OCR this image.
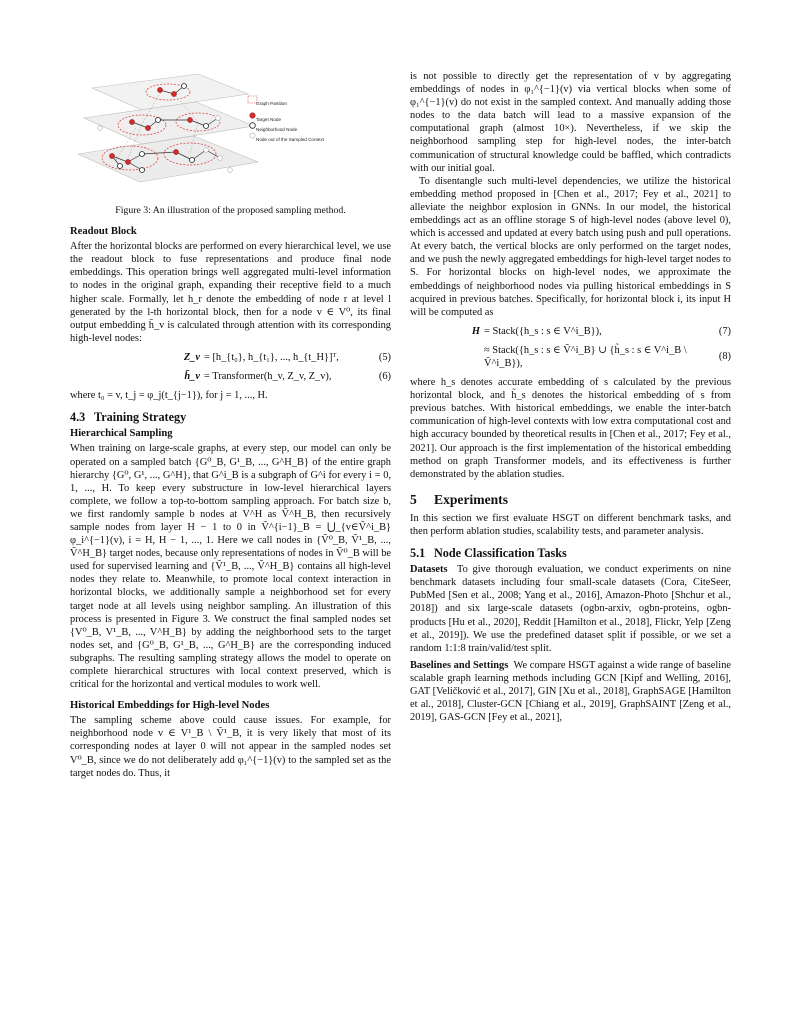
Graph Partition
Target Node
Neighborhood Node
Node out of the Sampled Context
Figure 3: An illustration of the proposed sampling method.
Readout Block

After the horizontal blocks are performed on every hierarchical level, we use the readout block to fuse representations and produce final node embeddings. This operation brings well aggregated multi-level information to nodes in the original graph, expanding their receptive field to a much higher scale. Formally, let h_r denote the embedding of node r at level l generated by the l-th horizontal block, then for a node v ∈ V⁰, its final output embedding h̄_v is calculated through attention with its corresponding high-level nodes:

Z_v = [h_{t₀}, h_{t₁}, ..., h_{t_H}]ᵀ,	(5)
h̄_v = Transformer(h_v, Z_v, Z_v),	(6)

where t₀ = v, t_j = φ_j(t_{j−1}), for j = 1, ..., H.

4.3 Training Strategy
Hierarchical Sampling

When training on large-scale graphs, at every step, our model can only be operated on a sampled batch {G⁰_B, G¹_B, ..., G^H_B} of the entire graph hierarchy {G⁰, G¹, ..., G^H}, that G^i_B is a subgraph of G^i for every i = 0, 1, ..., H. To keep every substructure in low-level hierarchical layers complete, we follow a top-to-bottom sampling approach. For batch size b, we first randomly sample b nodes at V^H as Ṽ^H_B, then recursively sample nodes from layer H − 1 to 0 in Ṽ^{i−1}_B = ⋃_{v∈Ṽ^i_B} φ_i^{−1}(v), i = H, H − 1, ..., 1. Here we call nodes in {Ṽ⁰_B, Ṽ¹_B, ..., Ṽ^H_B} target nodes, because only representations of nodes in Ṽ⁰_B will be used for supervised learning and {Ṽ¹_B, ..., Ṽ^H_B} contains all high-level nodes they relate to. Meanwhile, to promote local context interaction in horizontal blocks, we additionally sample a neighborhood set for every target node at all levels using neighbor sampling. An illustration of this process is presented in Figure 3. We construct the final sampled nodes set {V⁰_B, V¹_B, ..., V^H_B} by adding the neighborhood sets to the target nodes set, and {G⁰_B, G¹_B, ..., G^H_B} are the corresponding induced subgraphs. The resulting sampling strategy allows the model to operate on complete hierarchical structures with local context preserved, which is critical for the horizontal and vertical modules to work well.

Historical Embeddings for High-level Nodes

The sampling scheme above could cause issues. For example, for neighborhood node v ∈ V¹_B \ Ṽ¹_B, it is very likely that most of its corresponding nodes at layer 0 will not appear in the sampled nodes set V⁰_B, since we do not deliberately add φ₁^{−1}(v) to the sampled set as the target nodes do. Thus, it

is not possible to directly get the representation of v by aggregating embeddings of nodes in φ₁^{−1}(v) via vertical blocks when some of φ₁^{−1}(v) do not exist in the sampled context. And manually adding those nodes to the data batch will lead to a massive expansion of the computational graph (almost 10×). Nevertheless, if we skip the neighborhood sampling step for high-level nodes, the inter-batch communication of structural knowledge could be baffled, which contradicts with our initial goal.

To disentangle such multi-level dependencies, we utilize the historical embedding method proposed in [Chen et al., 2017; Fey et al., 2021] to alleviate the neighbor explosion in GNNs. In our model, the historical embeddings act as an offline storage S of high-level nodes (above level 0), which is accessed and updated at every batch using push and pull operations. At every batch, the vertical blocks are only performed on the target nodes, and we push the newly aggregated embeddings for high-level target nodes to S. For horizontal blocks on high-level nodes, we approximate the embeddings of neighborhood nodes via pulling historical embeddings in S acquired in previous batches. Specifically, for horizontal block i, its input H will be computed as

H = Stack({h_s : s ∈ V^i_B}),	(7)
≈ Stack({h_s : s ∈ Ṽ^i_B} ∪ {h̃_s : s ∈ V^i_B \ Ṽ^i_B}),
(8)

where h_s denotes accurate embedding of s calculated by the previous horizontal block, and h̃_s denotes the historical embedding of s from previous batches. With historical embeddings, we enable the inter-batch communication of high-level contexts with low extra computational cost and high accuracy bounded by theoretical results in [Chen et al., 2017; Fey et al., 2021]. Our approach is the first implementation of the historical embedding method on graph Transformer models, and its effectiveness is further demonstrated by the ablation studies.

5 Experiments

In this section we first evaluate HSGT on different benchmark tasks, and then perform ablation studies, scalability tests, and parameter analysis.

5.1 Node Classification Tasks

Datasets To give thorough evaluation, we conduct experiments on nine benchmark datasets including four small-scale datasets (Cora, CiteSeer, PubMed [Sen et al., 2008; Yang et al., 2016], Amazon-Photo [Shchur et al., 2018]) and six large-scale datasets (ogbn-arxiv, ogbn-proteins, ogbn-products [Hu et al., 2020], Reddit [Hamilton et al., 2018], Flickr, Yelp [Zeng et al., 2019]). We use the predefined dataset split if possible, or we set a random 1:1:8 train/valid/test split.

Baselines and Settings We compare HSGT against a wide range of baseline scalable graph learning methods including GCN [Kipf and Welling, 2016], GAT [Veličković et al., 2017], GIN [Xu et al., 2018], GraphSAGE [Hamilton et al., 2018], Cluster-GCN [Chiang et al., 2019], GraphSAINT [Zeng et al., 2019], GAS-GCN [Fey et al., 2021],
